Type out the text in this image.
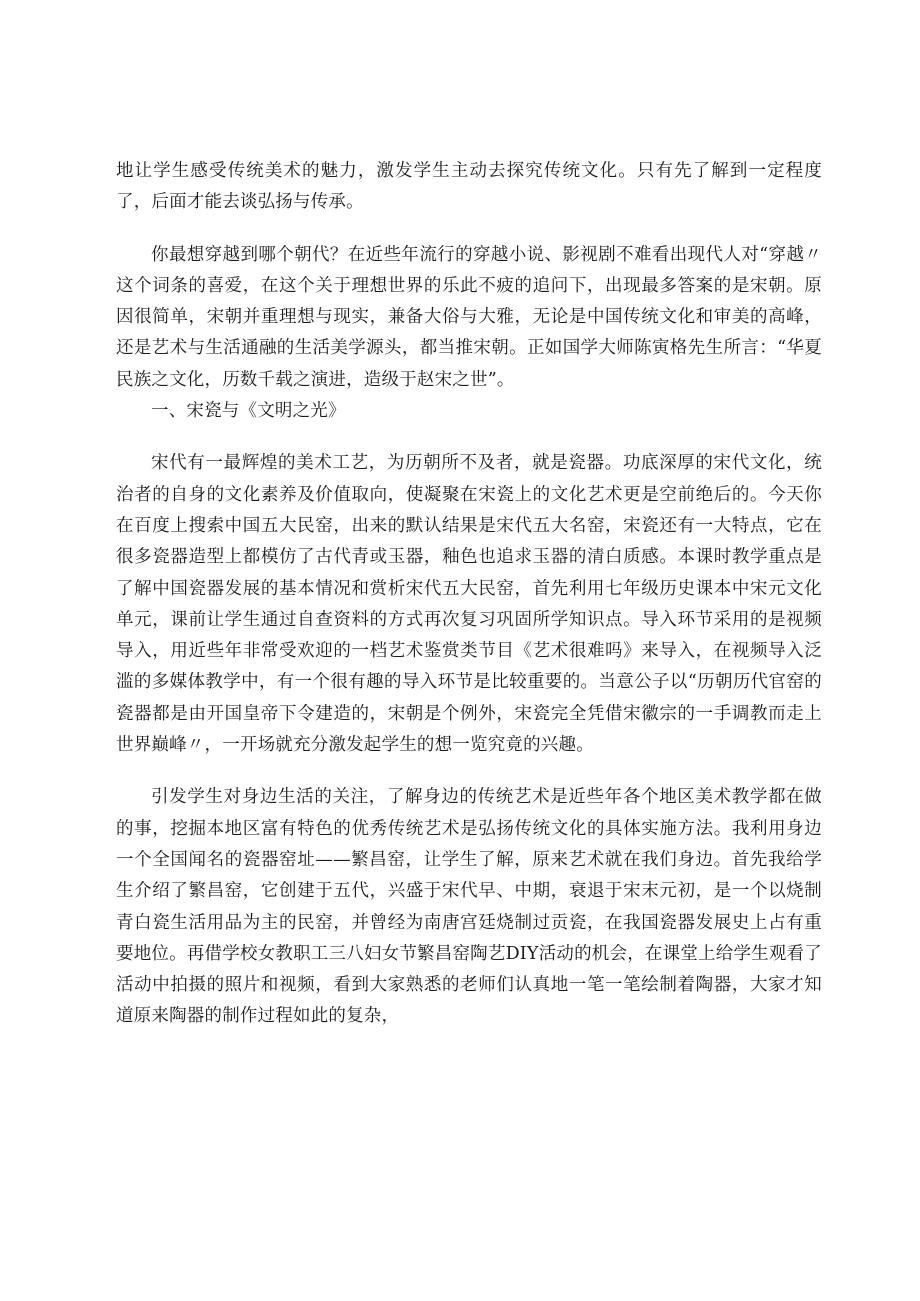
地让学生感受传统美术的魅力，激发学生主动去探究传统文化。只有先了解到一定程度了，后面才能去谈弘扬与传承。

你最想穿越到哪个朝代？在近些年流行的穿越小说、影视剧不难看出现代人对“穿越〃这个词条的喜爱，在这个关于理想世界的乐此不疲的追问下，出现最多答案的是宋朝。原因很简单，宋朝并重理想与现实，兼备大俗与大雅，无论是中国传统文化和审美的高峰，还是艺术与生活通融的生活美学源头，都当推宋朝。正如国学大师陈寅格先生所言：“华夏民族之文化，历数千载之演进，造级于赵宋之世”。

一、宋瓷与《文明之光》

宋代有一最辉煌的美术工艺，为历朝所不及者，就是瓷器。功底深厚的宋代文化，统治者的自身的文化素养及价值取向，使凝聚在宋瓷上的文化艺术更是空前绝后的。今天你在百度上搜索中国五大民窑，出来的默认结果是宋代五大名窑，宋瓷还有一大特点，它在很多瓷器造型上都模仿了古代青或玉器，釉色也追求玉器的清白质感。本课时教学重点是了解中国瓷器发展的基本情况和赏析宋代五大民窑，首先利用七年级历史课本中宋元文化单元，课前让学生通过自查资料的方式再次复习巩固所学知识点。导入环节采用的是视频导入，用近些年非常受欢迎的一档艺术鉴赏类节目《艺术很难吗》来导入，在视频导入泛滥的多媒体教学中，有一个很有趣的导入环节是比较重要的。当意公子以“历朝历代官窑的瓷器都是由开国皇帝下令建造的，宋朝是个例外，宋瓷完全凭借宋徽宗的一手调教而走上世界巅峰〃，一开场就充分激发起学生的想一览究竟的兴趣。

引发学生对身边生活的关注，了解身边的传统艺术是近些年各个地区美术教学都在做的事，挖掘本地区富有特色的优秀传统艺术是弘扬传统文化的具体实施方法。我利用身边一个全国闻名的瓷器窑址——繁昌窑，让学生了解，原来艺术就在我们身边。首先我给学生介绍了繁昌窑，它创建于五代，兴盛于宋代早、中期，衰退于宋末元初，是一个以烧制青白瓷生活用品为主的民窑，并曾经为南唐宫廷烧制过贡瓷，在我国瓷器发展史上占有重要地位。再借学校女教职工三八妇女节繁昌窑陶艺DIY活动的机会，在课堂上给学生观看了活动中拍摄的照片和视频，看到大家熟悉的老师们认真地一笔一笔绘制着陶器，大家才知道原来陶器的制作过程如此的复杂，
